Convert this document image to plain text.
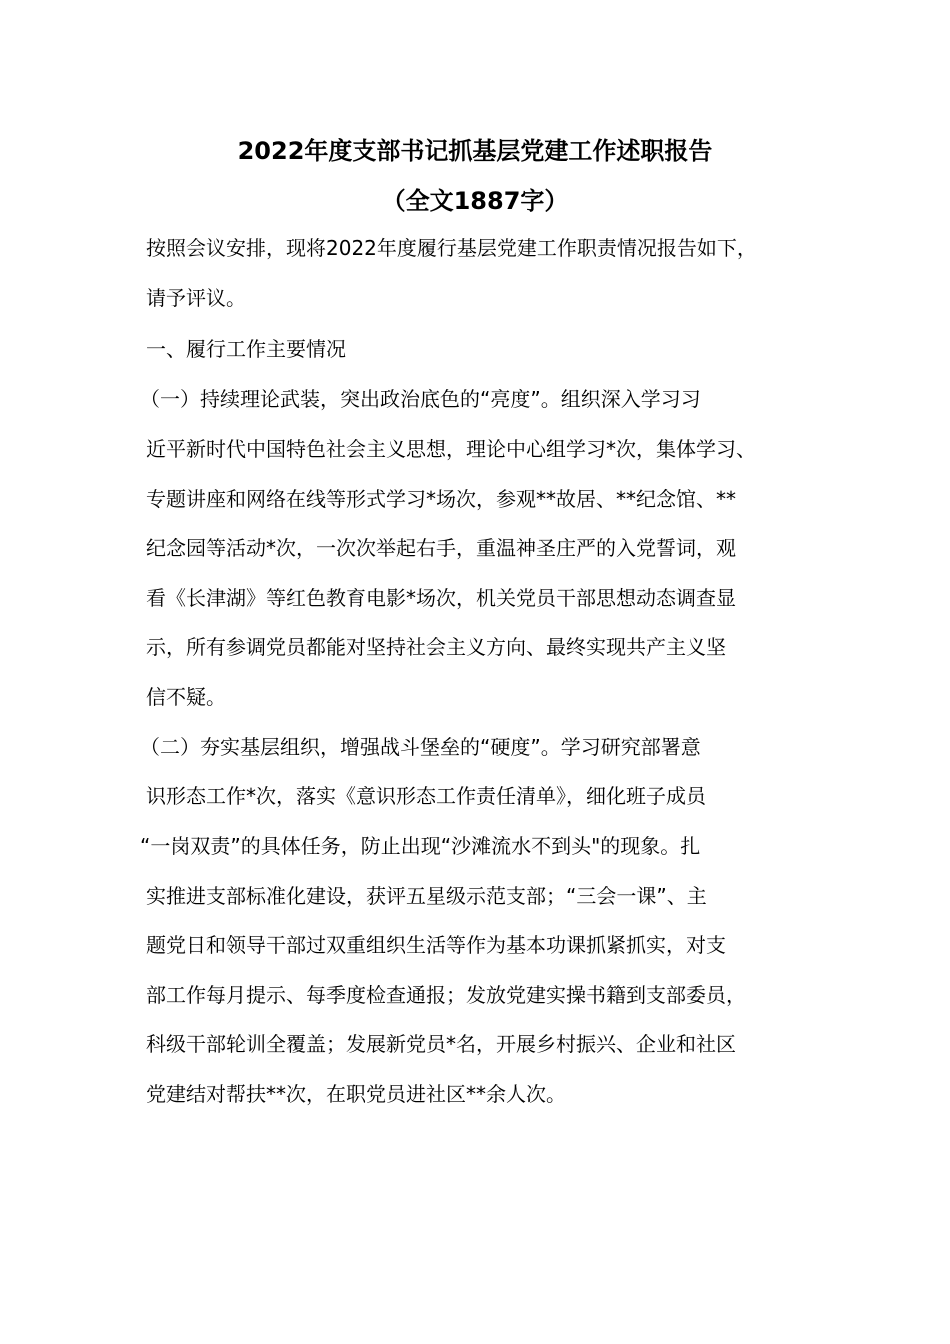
2022年度支部书记抓基层党建工作述职报告
（全文1887字）

按照会议安排，现将2022年度履行基层党建工作职责情况报告如下，

请予评议。

一、履行工作主要情况

（一）持续理论武装，突出政治底色的“亮度”。组织深入学习习

近平新时代中国特色社会主义思想，理论中心组学习*次，集体学习、

专题讲座和网络在线等形式学习*场次，参观**故居、**纪念馆、**

纪念园等活动*次，一次次举起右手，重温神圣庄严的入党誓词，观

看《长津湖》等红色教育电影*场次，机关党员干部思想动态调查显

示，所有参调党员都能对坚持社会主义方向、最终实现共产主义坚

信不疑。

（二）夯实基层组织，增强战斗堡垒的“硬度”。学习研究部署意

识形态工作*次，落实《意识形态工作责任清单》，细化班子成员

“一岗双责”的具体任务，防止出现“沙滩流水不到头"的现象。扎

实推进支部标准化建设，获评五星级示范支部；“三会一课”、主

题党日和领导干部过双重组织生活等作为基本功课抓紧抓实，对支

部工作每月提示、每季度检查通报；发放党建实操书籍到支部委员，

科级干部轮训全覆盖；发展新党员*名，开展乡村振兴、企业和社区

党建结对帮扶**次，在职党员进社区**余人次。
